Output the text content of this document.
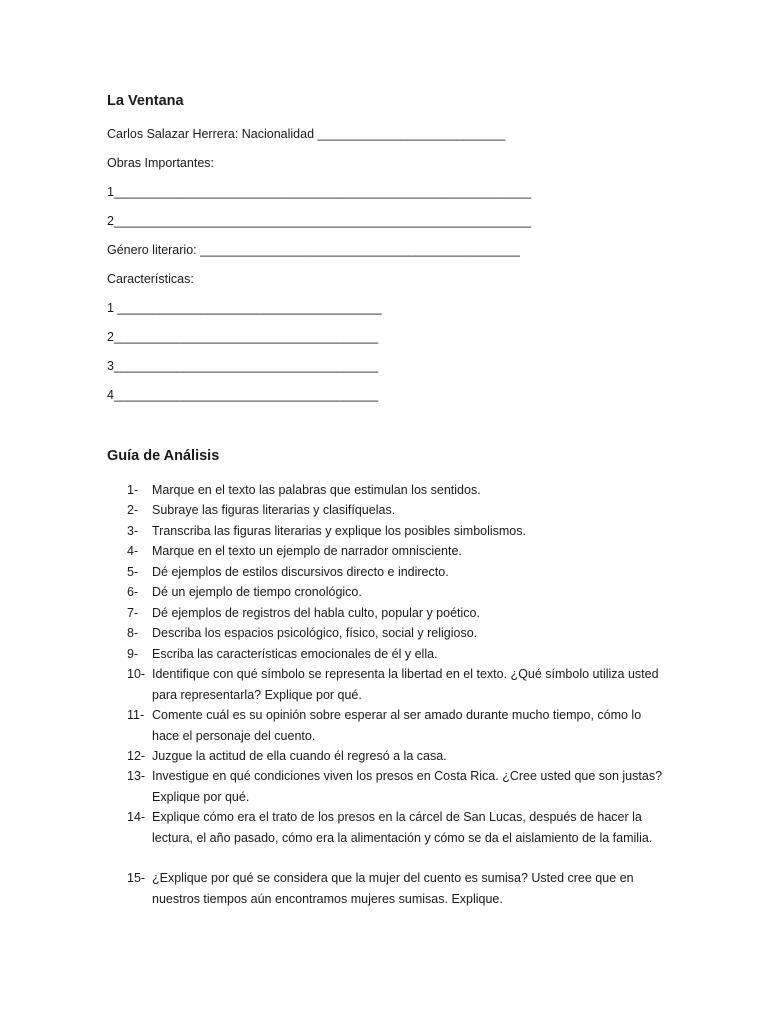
La Ventana

Carlos Salazar Herrera: Nacionalidad ___________________________

Obras Importantes:

1____________________________________________________________

2____________________________________________________________

Género literario: ______________________________________________

Características:

1 ______________________________________

2______________________________________

3______________________________________

4______________________________________

Guía de Análisis
1- Marque en el texto las palabras que estimulan los sentidos.
2- Subraye las figuras literarias y clasifíquelas.
3- Transcriba las figuras literarias y explique los posibles simbolismos.
4- Marque en el texto un ejemplo de narrador omnisciente.
5- Dé ejemplos de estilos discursivos directo e indirecto.
6- Dé un ejemplo de tiempo cronológico.
7- Dé ejemplos de registros del habla culto, popular y poético.
8- Describa los espacios psicológico, físico, social y religioso.
9- Escriba las características emocionales de él y ella.
10- Identifique con qué símbolo se representa la libertad en el texto. ¿Qué símbolo utiliza usted para representarla? Explique por qué.
11- Comente cuál es su opinión sobre esperar al ser amado durante mucho tiempo, cómo lo hace el personaje del cuento.
12- Juzgue la actitud de ella cuando él regresó a la casa.
13- Investigue en qué condiciones viven los presos en Costa Rica. ¿Cree usted que son justas? Explique por qué.
14- Explique cómo era el trato de los presos en la cárcel de San Lucas, después de hacer la lectura, el año pasado, cómo era la alimentación y cómo se da el aislamiento de la familia.
15- ¿Explique por qué se considera que la mujer del cuento es sumisa? Usted cree que en nuestros tiempos aún encontramos mujeres sumisas. Explique.
